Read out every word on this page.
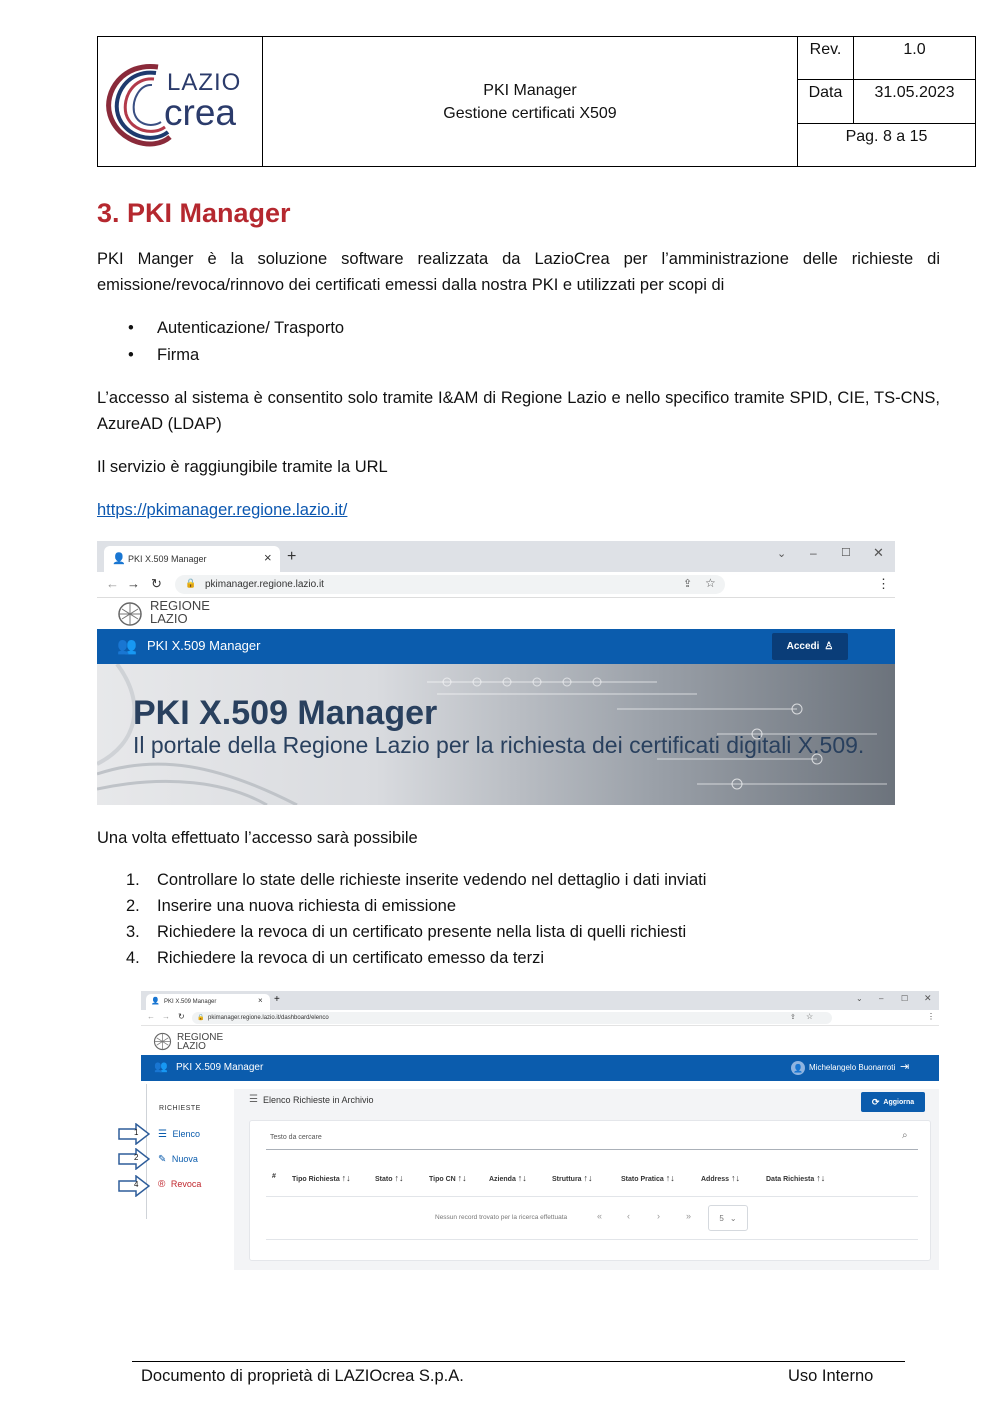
LAZIO
crea
PKI Manager
Gestione certificati X509
Rev.	1.0
Data	31.05.2023
Pag. 8 a 15
3. PKI Manager
PKI Manger è la soluzione software realizzata da LazioCrea per l’amministrazione delle richieste di emissione/revoca/rinnovo dei certificati emessi dalla nostra PKI e utilizzati per scopi di
• Autenticazione/ Trasporto
• Firma
L’accesso al sistema è consentito solo tramite I&AM di Regione Lazio e nello specifico tramite SPID, CIE, TS-CNS, AzureAD (LDAP)
Il servizio è raggiungibile tramite la URL
https://pkimanager.regione.lazio.it/
👤 PKI X.509 Manager	× +	⌄ – ☐ ✕
← → ↻	🔒 pkimanager.regione.lazio.it	⇪ ☆	⋮
REGIONE
LAZIO
👥 PKI X.509 Manager	Accedi ♙
PKI X.509 Manager
Il portale della Regione Lazio per la richiesta dei certificati digitali X.509.
Una volta effettuato l’accesso sarà possibile
1. Controllare lo state delle richieste inserite vedendo nel dettaglio i dati inviati
2. Inserire una nuova richiesta di emissione
3. Richiedere la revoca di un certificato presente nella lista di quelli richiesti
4. Richiedere la revoca di un certificato emesso da terzi
👤 PKI X.509 Manager	× +	⌄ – ☐ ✕
← → ↻ 🔒 pkimanager.regione.lazio.it/dashboard/elenco	⇪ ☆	⋮
REGIONE
LAZIO
👥 PKI X.509 Manager	👤 Michelangelo Buonarroti ⇥
RICHIESTE
☰ Elenco
✎ Nuova
® Revoca
☰ Elenco Richieste in Archivio	⟳ Aggiorna
Testo da cercare	⌕
# Tipo Richiesta ↑↓	Stato ↑↓	Tipo CN ↑↓	Azienda ↑↓	Struttura ↑↓	Stato Pratica ↑↓	Address ↑↓	Data Richiesta ↑↓
Nessun record trovato per la ricerca effettuata	«	‹	›	»	5 ⌄
1
2
4
Documento di proprietà di LAZIOcrea S.p.A.	Uso Interno
